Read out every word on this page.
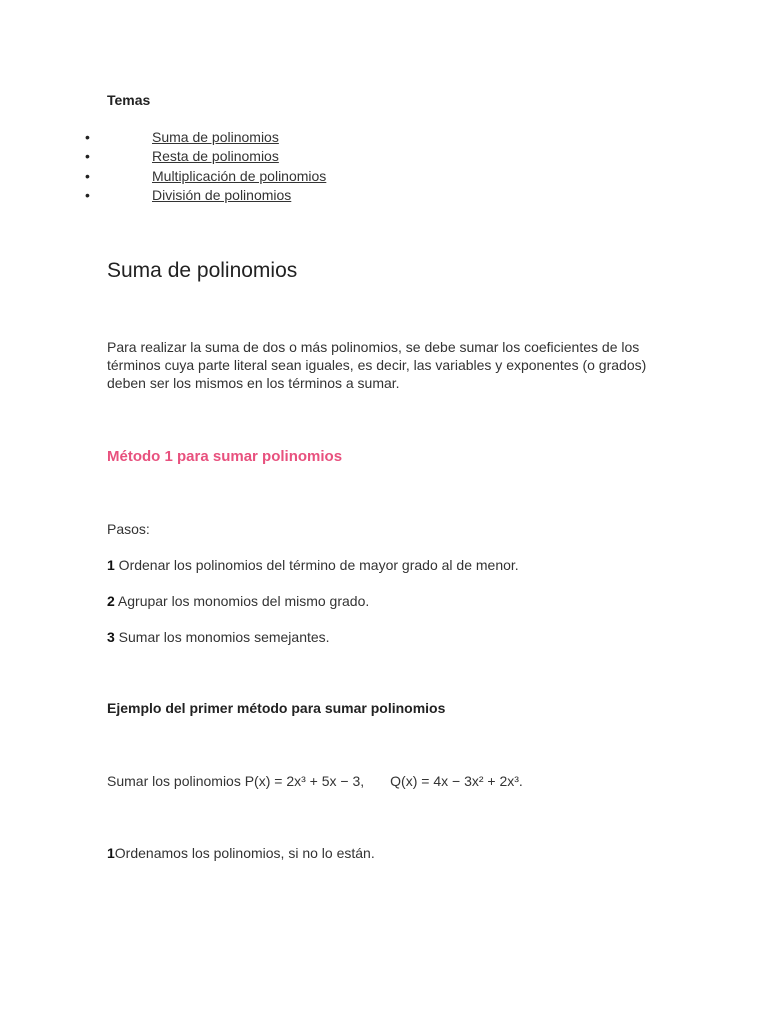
Temas
•	Suma de polinomios
•	Resta de polinomios
•	Multiplicación de polinomios
•	División de polinomios
Suma de polinomios

Para realizar la suma de dos o más polinomios, se debe sumar los coeficientes de los términos cuya parte literal sean iguales, es decir, las variables y exponentes (o grados) deben ser los mismos en los términos a sumar.

Método 1 para sumar polinomios

Pasos:

1 Ordenar los polinomios del término de mayor grado al de menor.

2 Agrupar los monomios del mismo grado.

3 Sumar los monomios semejantes.

Ejemplo del primer método para sumar polinomios

Sumar los polinomios P(x) = 2x³ + 5x − 3, Q(x) = 4x − 3x² + 2x³.

1Ordenamos los polinomios, si no lo están.
